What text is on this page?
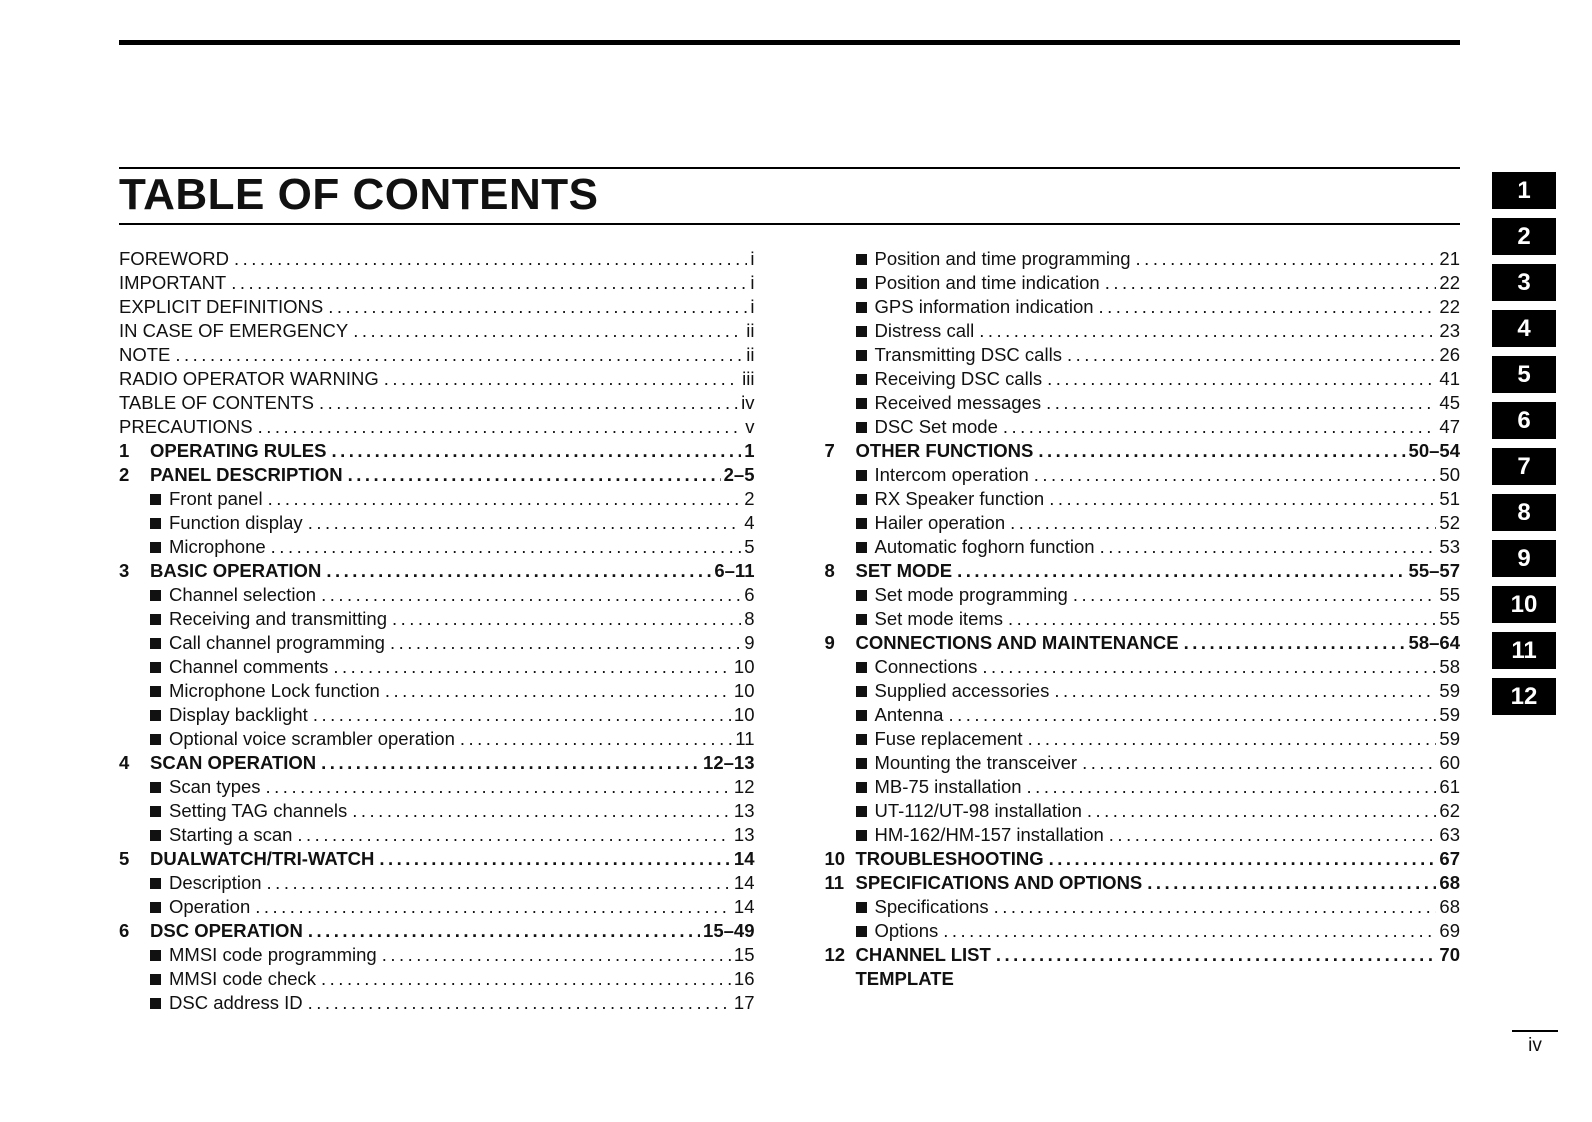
TABLE OF CONTENTS
FOREWORD .....	i
IMPORTANT .....	i
EXPLICIT DEFINITIONS .....	i
IN CASE OF EMERGENCY .....	ii
NOTE .....	ii
RADIO OPERATOR WARNING .....	iii
TABLE OF CONTENTS .....	iv
PRECAUTIONS .....	v
1	OPERATING RULES .....	1
2	PANEL DESCRIPTION .....	2–5
Front panel .....	2
Function display .....	4
Microphone .....	5
3	BASIC OPERATION .....	6–11
Channel selection .....	6
Receiving and transmitting .....	8
Call channel programming .....	9
Channel comments .....	10
Microphone Lock function .....	10
Display backlight .....	10
Optional voice scrambler operation .....	11
4	SCAN OPERATION .....	12–13
Scan types .....	12
Setting TAG channels .....	13
Starting a scan .....	13
5	DUALWATCH/TRI-WATCH .....	14
Description .....	14
Operation .....	14
6	DSC OPERATION .....	15–49
MMSI code programming .....	15
MMSI code check .....	16
DSC address ID .....	17
Position and time programming .....	21
Position and time indication .....	22
GPS information indication .....	22
Distress call .....	23
Transmitting DSC calls .....	26
Receiving DSC calls .....	41
Received messages .....	45
DSC Set mode .....	47
7	OTHER FUNCTIONS .....	50–54
Intercom operation .....	50
RX Speaker function .....	51
Hailer operation .....	52
Automatic foghorn function .....	53
8	SET MODE .....	55–57
Set mode programming .....	55
Set mode items .....	55
9	CONNECTIONS AND MAINTENANCE .....	58–64
Connections .....	58
Supplied accessories .....	59
Antenna .....	59
Fuse replacement .....	59
Mounting the transceiver .....	60
MB-75 installation .....	61
UT-112/UT-98 installation .....	62
HM-162/HM-157 installation .....	63
10 TROUBLESHOOTING .....	67
11 SPECIFICATIONS AND OPTIONS .....	68
Specifications .....	68
Options .....	69
12 CHANNEL LIST .....	70
TEMPLATE
1
2
3
4
5
6
7
8
9
10
11
12
iv
